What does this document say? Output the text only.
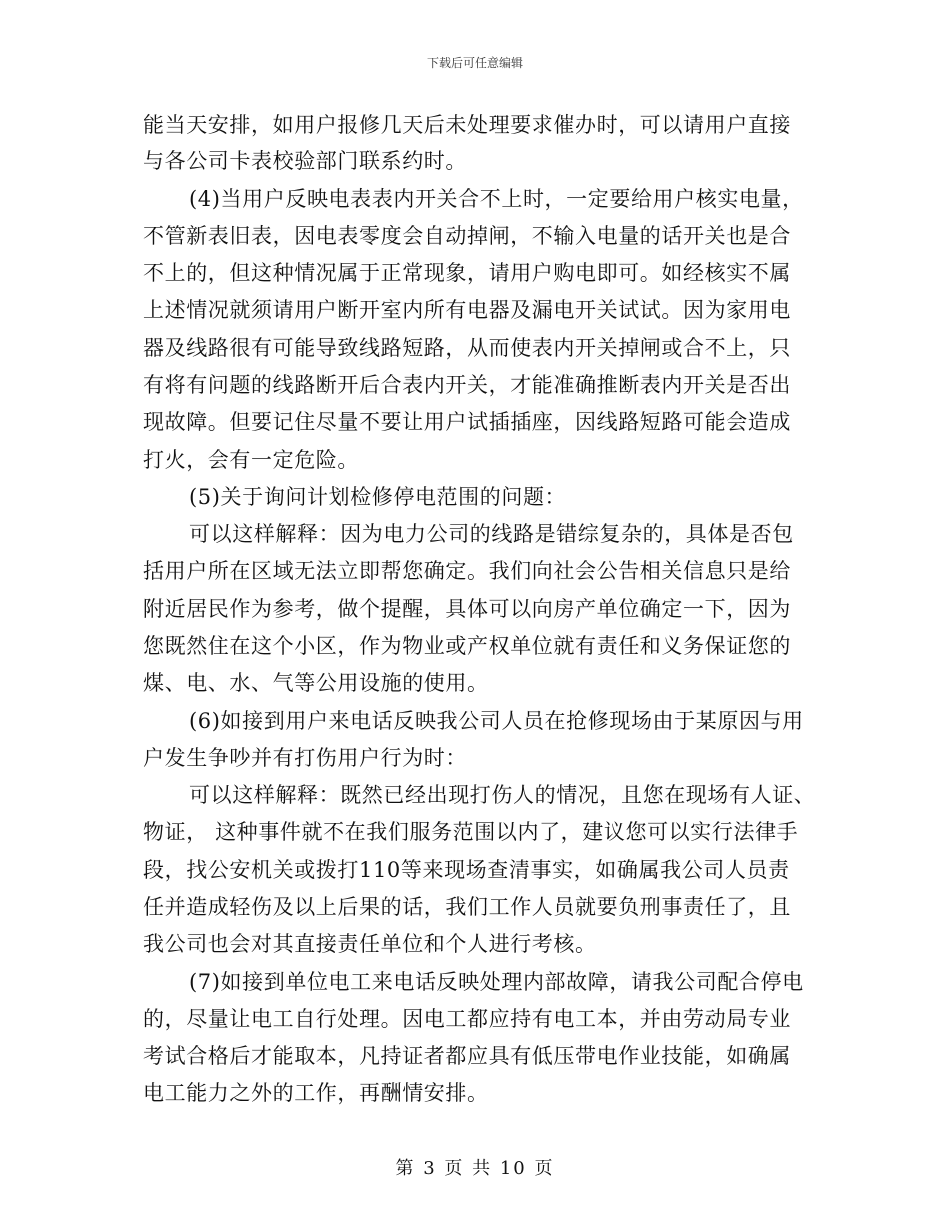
下载后可任意编辑
能当天安排，如用户报修几天后未处理要求催办时，可以请用户直接
与各公司卡表校验部门联系约时。
(4)当用户反映电表表内开关合不上时，一定要给用户核实电量，
不管新表旧表，因电表零度会自动掉闸，不输入电量的话开关也是合
不上的，但这种情况属于正常现象，请用户购电即可。如经核实不属
上述情况就须请用户断开室内所有电器及漏电开关试试。因为家用电
器及线路很有可能导致线路短路，从而使表内开关掉闸或合不上，只
有将有问题的线路断开后合表内开关，才能准确推断表内开关是否出
现故障。但要记住尽量不要让用户试插插座，因线路短路可能会造成
打火，会有一定危险。
(5)关于询问计划检修停电范围的问题：
可以这样解释：因为电力公司的线路是错综复杂的，具体是否包
括用户所在区域无法立即帮您确定。我们向社会公告相关信息只是给
附近居民作为参考，做个提醒，具体可以向房产单位确定一下，因为
您既然住在这个小区，作为物业或产权单位就有责任和义务保证您的
煤、电、水、气等公用设施的使用。
(6)如接到用户来电话反映我公司人员在抢修现场由于某原因与用
户发生争吵并有打伤用户行为时：
可以这样解释：既然已经出现打伤人的情况，且您在现场有人证、
物证， 这种事件就不在我们服务范围以内了，建议您可以实行法律手
段，找公安机关或拨打110等来现场查清事实，如确属我公司人员责
任并造成轻伤及以上后果的话，我们工作人员就要负刑事责任了，且
我公司也会对其直接责任单位和个人进行考核。
(7)如接到单位电工来电话反映处理内部故障，请我公司配合停电
的，尽量让电工自行处理。因电工都应持有电工本，并由劳动局专业
考试合格后才能取本，凡持证者都应具有低压带电作业技能，如确属
电工能力之外的工作，再酬情安排。
第 3 页 共 10 页
